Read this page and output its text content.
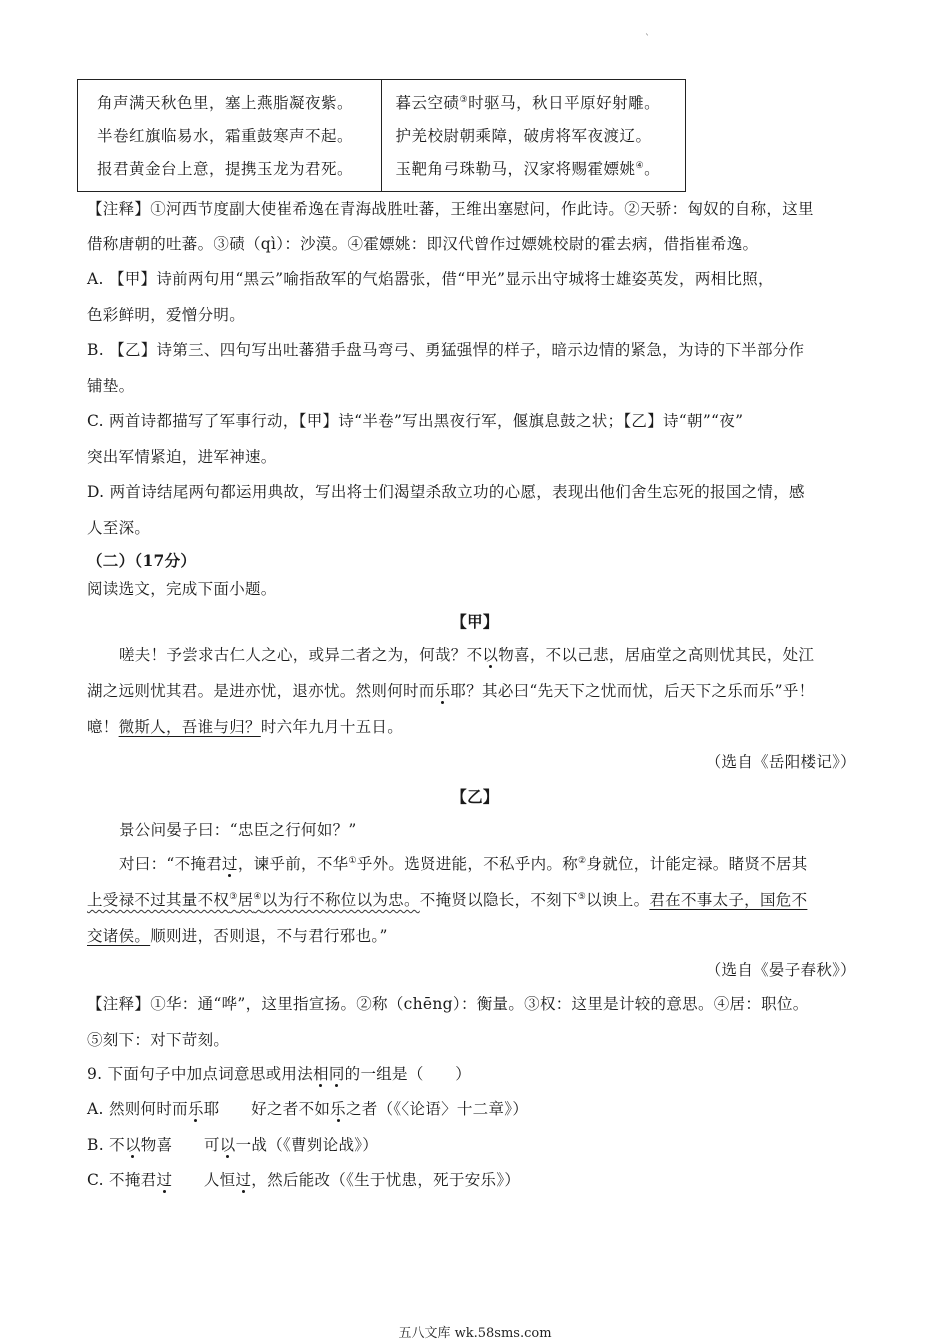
`
角声满天秋色里，塞上燕脂凝夜紫。
半卷红旗临易水，霜重鼓寒声不起。
报君黄金台上意，提携玉龙为君死。
暮云空碛③时驱马，秋日平原好射雕。
护羌校尉朝乘障，破虏将军夜渡辽。
玉靶角弓珠勒马，汉家将赐霍嫖姚④。
【注释】①河西节度副大使崔希逸在青海战胜吐蕃，王维出塞慰问，作此诗。②天骄：匈奴的自称，这里
借称唐朝的吐蕃。③碛（qì）：沙漠。④霍嫖姚：即汉代曾作过嫖姚校尉的霍去病，借指崔希逸。
A. 【甲】诗前两句用“黑云”喻指敌军的气焰嚣张，借“甲光”显示出守城将士雄姿英发，两相比照，
色彩鲜明，爱憎分明。
B. 【乙】诗第三、四句写出吐蕃猎手盘马弯弓、勇猛强悍的样子，暗示边情的紧急，为诗的下半部分作
铺垫。
C. 两首诗都描写了军事行动，【甲】诗“半卷”写出黑夜行军，偃旗息鼓之状；【乙】诗“朝”“夜”
突出军情紧迫，进军神速。
D. 两首诗结尾两句都运用典故，写出将士们渴望杀敌立功的心愿，表现出他们舍生忘死的报国之情，感
人至深。
（二）（17分）
阅读选文，完成下面小题。
【甲】
嗟夫！予尝求古仁人之心，或异二者之为，何哉？不以物喜，不以己悲，居庙堂之高则忧其民，处江
湖之远则忧其君。是进亦忧，退亦忧。然则何时而乐耶？其必曰“先天下之忧而忧，后天下之乐而乐”乎！
噫！微斯人，吾谁与归？时六年九月十五日。
（选自《岳阳楼记》）
【乙】
景公问晏子曰：“忠臣之行何如？”
对曰：“不掩君过，谏乎前，不华①乎外。选贤进能，不私乎内。称②身就位，计能定禄。睹贤不居其
上受禄不过其量不权③居④以为行不称位以为忠。不掩贤以隐长，不刻下⑤以谀上。君在不事太子，国危不
交诸侯。顺则进，否则退，不与君行邪也。”
（选自《晏子春秋》）
【注释】①华：通“哗”，这里指宣扬。②称（chēng）：衡量。③权：这里是计较的意思。④居：职位。
⑤刻下：对下苛刻。
9. 下面句子中加点词意思或用法相同的一组是（　　）
A. 然则何时而乐耶　　好之者不如乐之者（《〈论语〉十二章》）
B. 不以物喜　　可以一战（《曹刿论战》）
C. 不掩君过　　人恒过，然后能改（《生于忧患，死于安乐》）
五八文库 wk.58sms.com
